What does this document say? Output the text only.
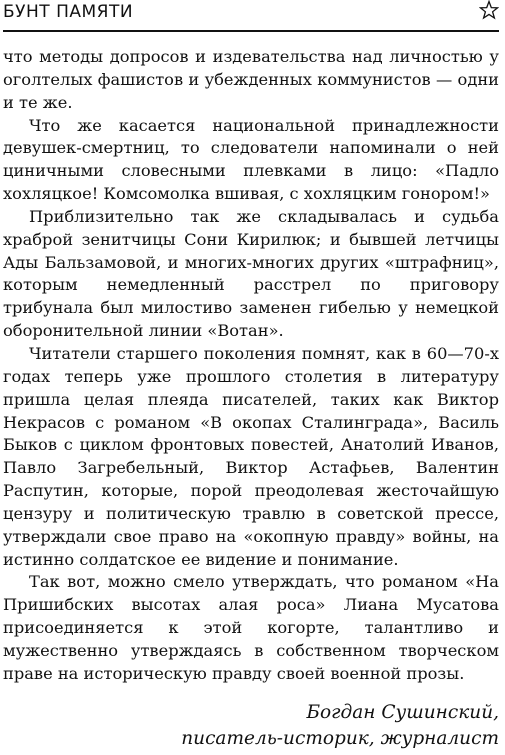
БУНТ ПАМЯТИ

что методы допросов и издевательства над личностью у оголтелых фашистов и убежденных коммунистов — одни и те же.

Что же касается национальной принадлежности девушек-смертниц, то следователи напоминали о ней циничными словесными плевками в лицо: «Падло хохляцкое! Комсомолка вшивая, с хохляцким гонором!»

Приблизительно так же складывалась и судьба храброй зенитчицы Сони Кирилюк; и бывшей летчицы Ады Бальзамовой, и многих-многих других «штрафниц», которым немедленный расстрел по приговору трибунала был милостиво заменен гибелью у немецкой оборонительной линии «Вотан».

Читатели старшего поколения помнят, как в 60—70-х годах теперь уже прошлого столетия в литературу пришла целая плеяда писателей, таких как Виктор Некрасов с романом «В окопах Сталинграда», Василь Быков с циклом фронтовых повестей, Анатолий Иванов, Павло Загребельный, Виктор Астафьев, Валентин Распутин, которые, порой преодолевая жесточайшую цензуру и политическую травлю в советской прессе, утверждали свое право на «окопную правду» войны, на истинно солдатское ее видение и понимание.

Так вот, можно смело утверждать, что романом «На Пришибских высотах алая роса» Лиана Мусатова присоединяется к этой когорте, талантливо и мужественно утверждаясь в собственном творческом праве на историческую правду своей военной прозы.

Богдан Сушинский,
писатель-историк, журналист
